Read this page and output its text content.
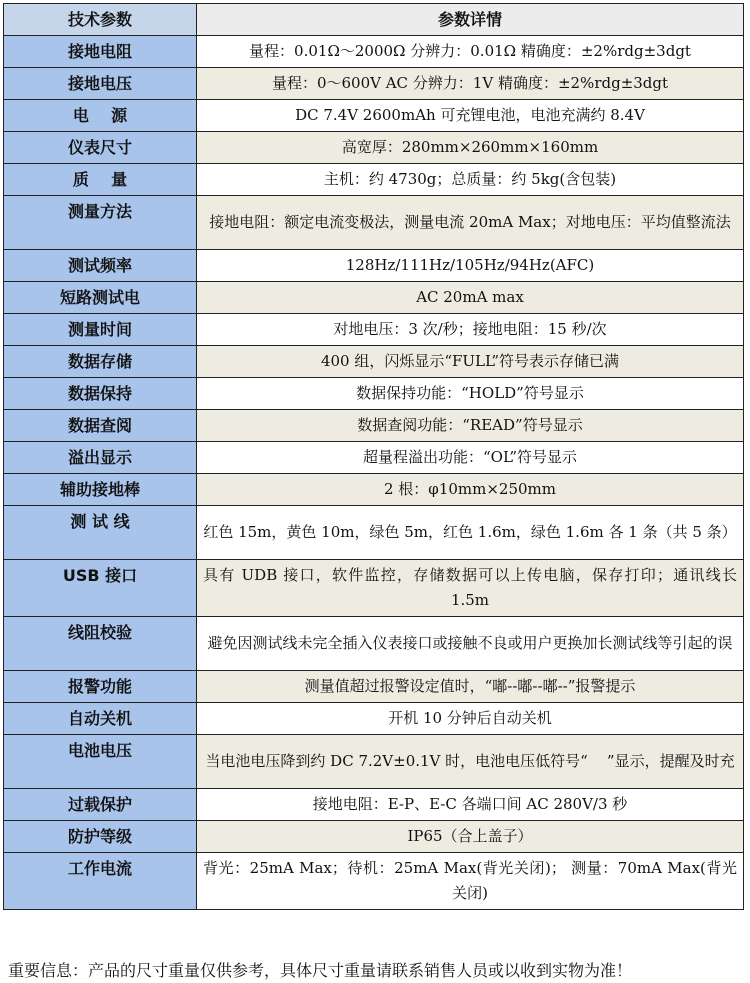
技术参数	参数详情
接地电阻	量程：0.01Ω～2000Ω 分辨力：0.01Ω 精确度：±2%rdg±3dgt
接地电压	量程：0～600V AC 分辨力：1V 精确度：±2%rdg±3dgt
电    源	DC 7.4V 2600mAh 可充锂电池，电池充满约 8.4V
仪表尺寸	高宽厚：280mm×260mm×160mm
质    量	主机：约 4730g；总质量：约 5kg(含包装)
测量方法	接地电阻：额定电流变极法，测量电流 20mA Max；对地电压：平均值整流法
测试频率	128Hz/111Hz/105Hz/94Hz(AFC)
短路测试电	AC 20mA max
测量时间	对地电压：3 次/秒；接地电阻：15 秒/次
数据存储	400 组，闪烁显示“FULL”符号表示存储已满
数据保持	数据保持功能：“HOLD”符号显示
数据查阅	数据查阅功能：“READ”符号显示
溢出显示	超量程溢出功能：“OL”符号显示
辅助接地棒	2 根：φ10mm×250mm
测 试 线	红色 15m，黄色 10m，绿色 5m，红色 1.6m，绿色 1.6m 各 1 条（共 5 条）
USB 接口	具有 UDB 接口，软件监控，存储数据可以上传电脑，保存打印；通讯线长 1.5m
线阻校验	避免因测试线未完全插入仪表接口或接触不良或用户更换加长测试线等引起的误
报警功能	测量值超过报警设定值时，“嘟--嘟--嘟--”报警提示
自动关机	开机 10 分钟后自动关机
电池电压	当电池电压降到约 DC 7.2V±0.1V 时，电池电压低符号“    ”显示，提醒及时充
过载保护	接地电阻：E-P、E-C 各端口间 AC 280V/3 秒
防护等级	IP65（合上盖子）
工作电流	背光：25mA Max；待机：25mA Max(背光关闭)； 测量：70mA Max(背光关闭)
重要信息：产品的尺寸重量仅供参考，具体尺寸重量请联系销售人员或以收到实物为准！
